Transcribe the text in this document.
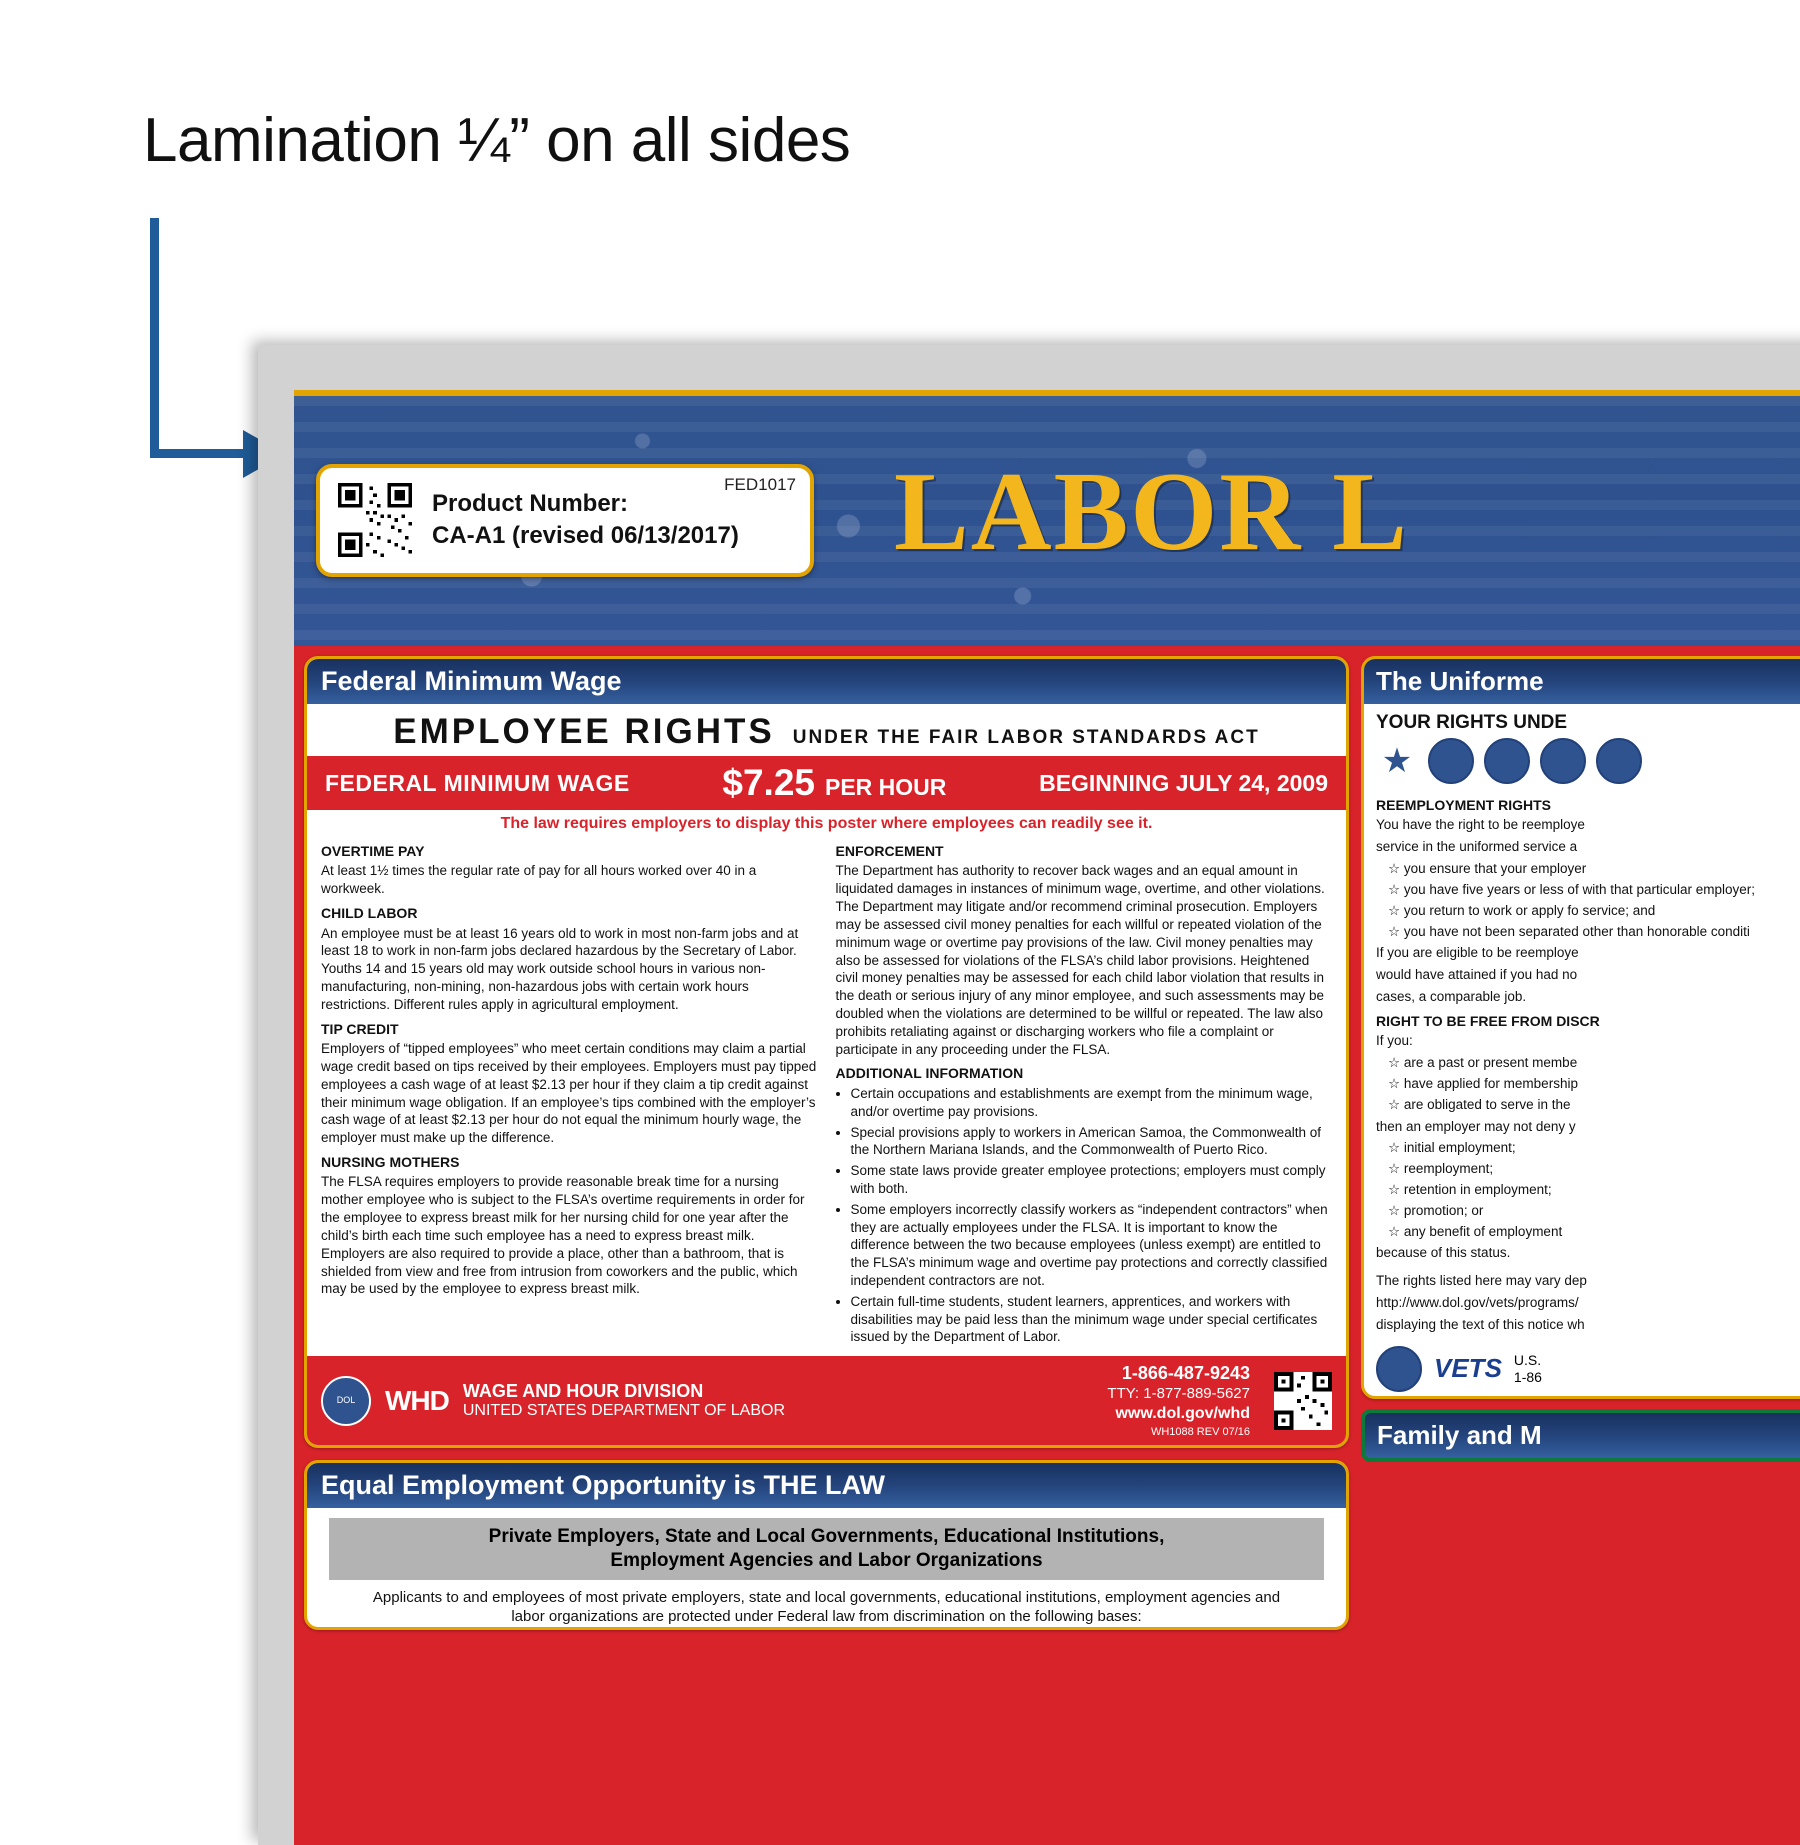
Lamination ¼” on all sides
FED1017
Product Number:
CA-A1 (revised 06/13/2017) LABOR L
Federal Minimum Wage
EMPLOYEE RIGHTS UNDER THE FAIR LABOR STANDARDS ACT
FEDERAL MINIMUM WAGE	$7.25 PER HOUR	BEGINNING JULY 24, 2009
The law requires employers to display this poster where employees can readily see it.
OVERTIME PAY

At least 1½ times the regular rate of pay for all hours worked over 40 in a workweek.

CHILD LABOR

An employee must be at least 16 years old to work in most non-farm jobs and at least 18 to work in non-farm jobs declared hazardous by the Secretary of Labor. Youths 14 and 15 years old may work outside school hours in various non-manufacturing, non-mining, non-hazardous jobs with certain work hours restrictions. Different rules apply in agricultural employment.

TIP CREDIT

Employers of “tipped employees” who meet certain conditions may claim a partial wage credit based on tips received by their employees. Employers must pay tipped employees a cash wage of at least $2.13 per hour if they claim a tip credit against their minimum wage obligation. If an employee’s tips combined with the employer’s cash wage of at least $2.13 per hour do not equal the minimum hourly wage, the employer must make up the difference.

NURSING MOTHERS

The FLSA requires employers to provide reasonable break time for a nursing mother employee who is subject to the FLSA’s overtime requirements in order for the employee to express breast milk for her nursing child for one year after the child’s birth each time such employee has a need to express breast milk. Employers are also required to provide a place, other than a bathroom, that is shielded from view and free from intrusion from coworkers and the public, which may be used by the employee to express breast milk.

ENFORCEMENT

The Department has authority to recover back wages and an equal amount in liquidated damages in instances of minimum wage, overtime, and other violations. The Department may litigate and/or recommend criminal prosecution. Employers may be assessed civil money penalties for each willful or repeated violation of the minimum wage or overtime pay provisions of the law. Civil money penalties may also be assessed for violations of the FLSA’s child labor provisions. Heightened civil money penalties may be assessed for each child labor violation that results in the death or serious injury of any minor employee, and such assessments may be doubled when the violations are determined to be willful or repeated. The law also prohibits retaliating against or discharging workers who file a complaint or participate in any proceeding under the FLSA.

ADDITIONAL INFORMATION
• Certain occupations and establishments are exempt from the minimum wage, and/or overtime pay provisions.
• Special provisions apply to workers in American Samoa, the Commonwealth of the Northern Mariana Islands, and the Commonwealth of Puerto Rico.
• Some state laws provide greater employee protections; employers must comply with both.
• Some employers incorrectly classify workers as “independent contractors” when they are actually employees under the FLSA. It is important to know the difference between the two because employees (unless exempt) are entitled to the FLSA’s minimum wage and overtime pay protections and correctly classified independent contractors are not.
• Certain full-time students, student learners, apprentices, and workers with disabilities may be paid less than the minimum wage under special certificates issued by the Department of Labor.
DOL	WHD WAGE AND HOUR DIVISION
UNITED STATES DEPARTMENT OF LABOR
1-866-487-9243
TTY: 1-877-889-5627
www.dol.gov/whd
WH1088 REV 07/16
Equal Employment Opportunity is THE LAW
Private Employers, State and Local Governments, Educational Institutions,
Employment Agencies and Labor Organizations
Applicants to and employees of most private employers, state and local governments, educational institutions, employment agencies and
labor organizations are protected under Federal law from discrimination on the following bases:
The Uniforme
YOUR RIGHTS UNDE
★
REEMPLOYMENT RIGHTS

You have the right to be reemploye

service in the uniformed service a

☆ you ensure that your employer
☆ you have five years or less of with that particular employer;
☆ you return to work or apply fo service; and
☆ you have not been separated other than honorable conditi

If you are eligible to be reemploye

would have attained if you had no

cases, a comparable job.

RIGHT TO BE FREE FROM DISCR

If you:

☆ are a past or present membe
☆ have applied for membership
☆ are obligated to serve in the

then an employer may not deny y

☆ initial employment;
☆ reemployment;
☆ retention in employment;
☆ promotion; or
☆ any benefit of employment

because of this status.

The rights listed here may vary dep

http://www.dol.gov/vets/programs/

displaying the text of this notice wh

VETS U.S.
1-86
Family and M
